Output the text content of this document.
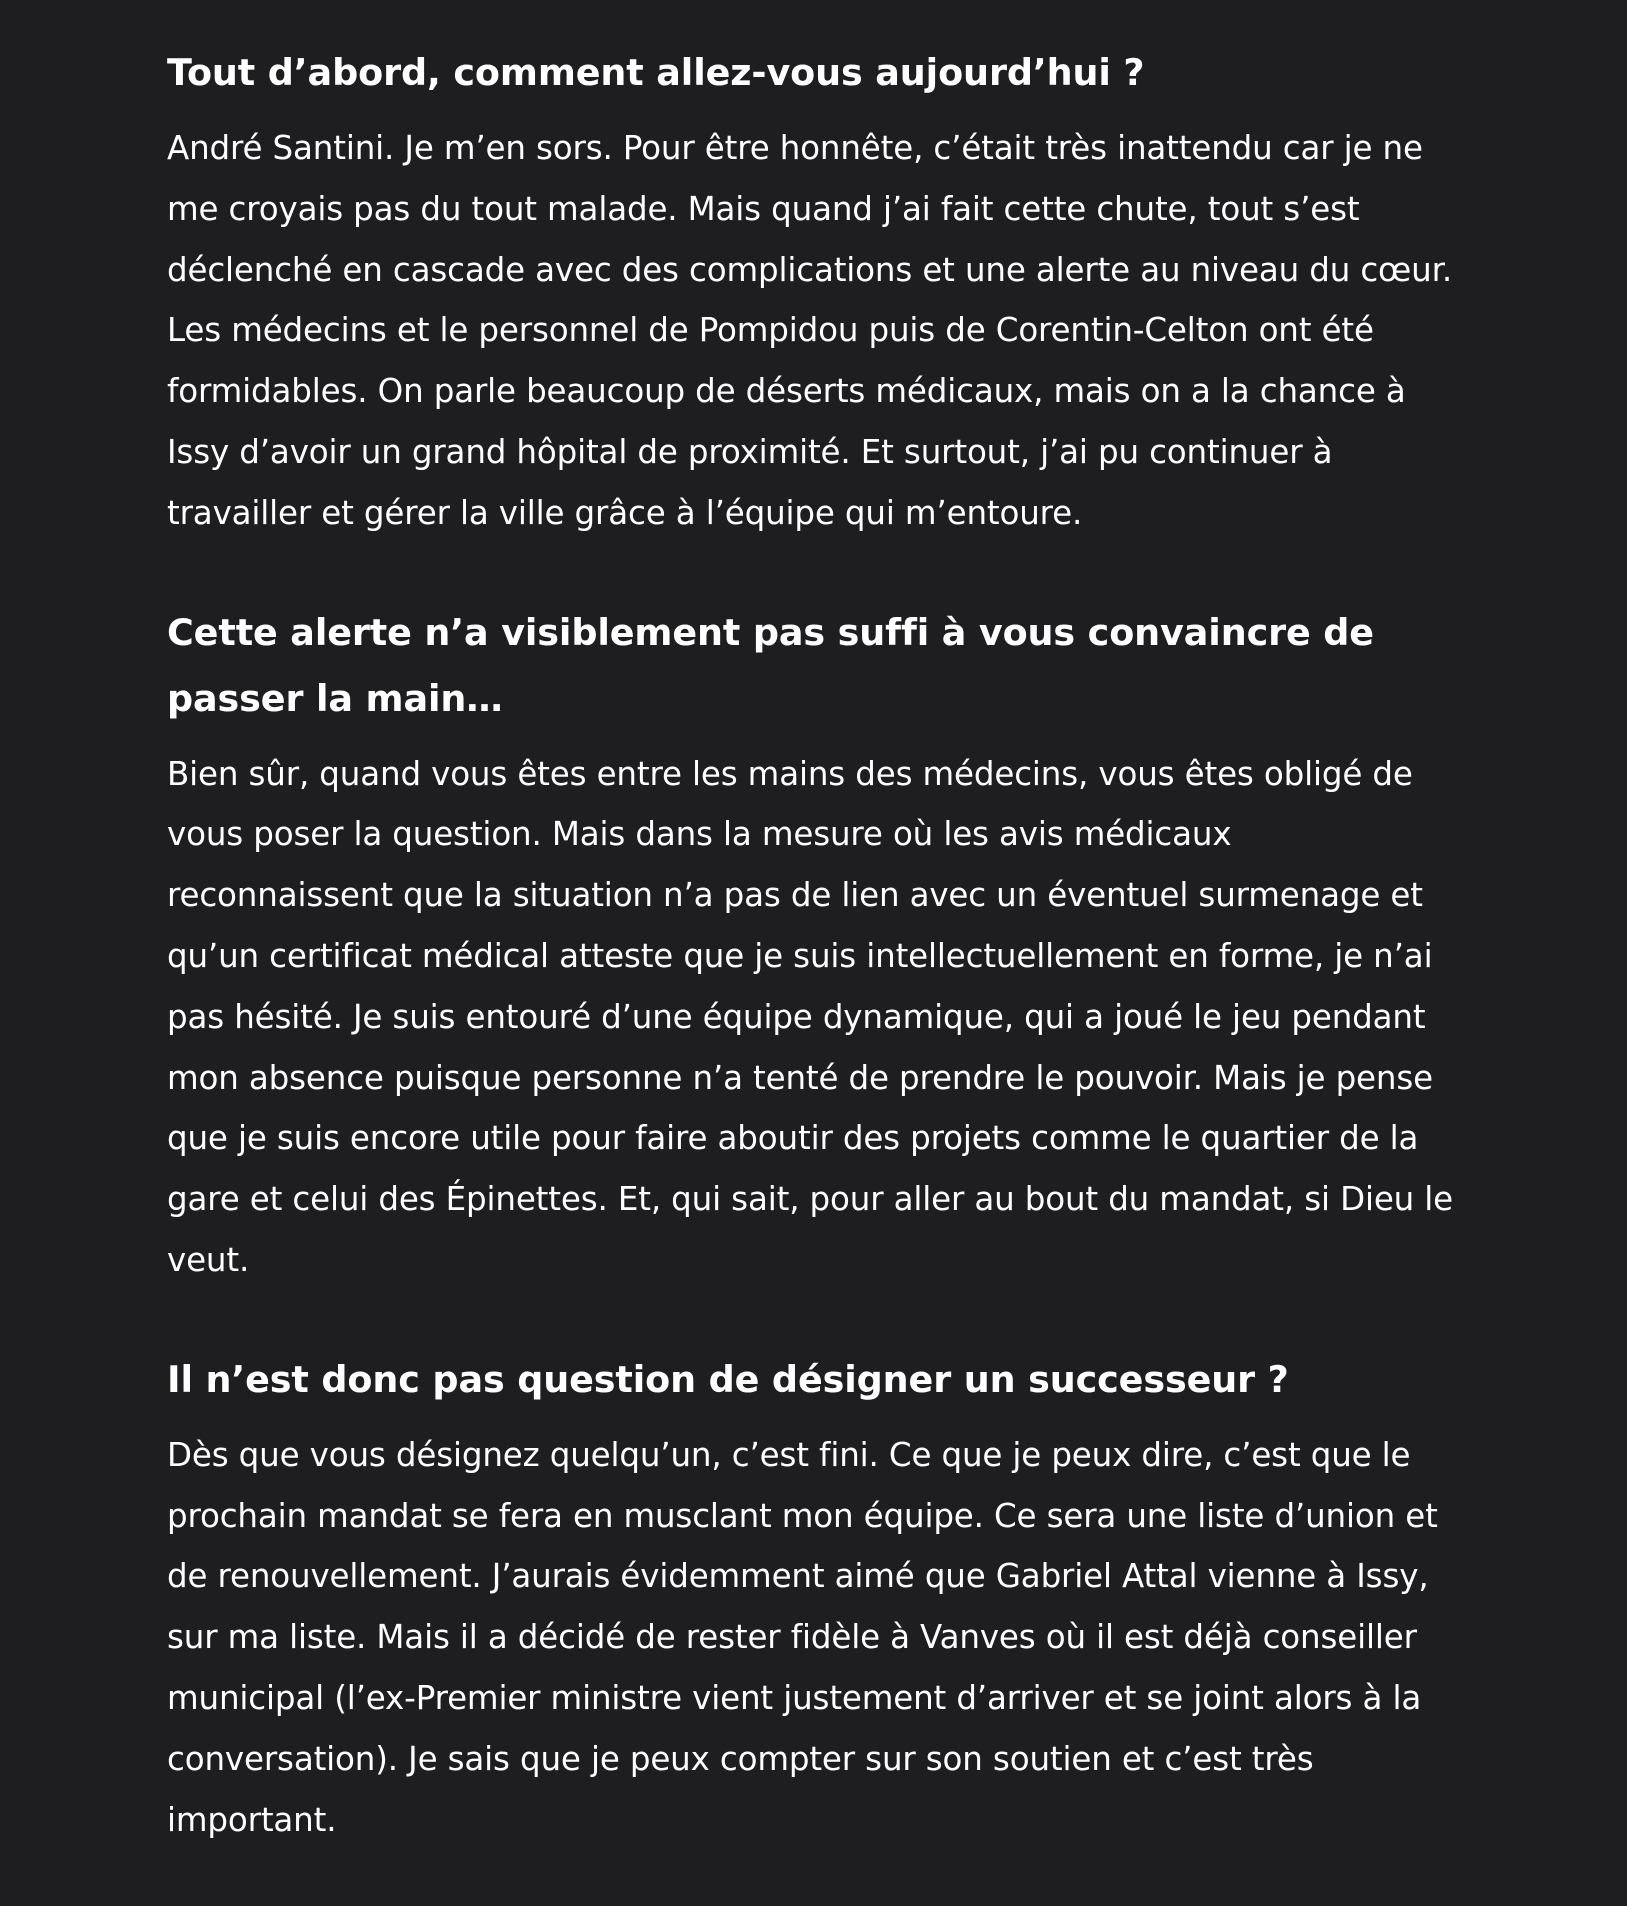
Tout d’abord, comment allez-vous aujourd’hui ?

André Santini. Je m’en sors. Pour être honnête, c’était très inattendu car je ne me croyais pas du tout malade. Mais quand j’ai fait cette chute, tout s’est déclenché en cascade avec des complications et une alerte au niveau du cœur. Les médecins et le personnel de Pompidou puis de Corentin-Celton ont été formidables. On parle beaucoup de déserts médicaux, mais on a la chance à Issy d’avoir un grand hôpital de proximité. Et surtout, j’ai pu continuer à travailler et gérer la ville grâce à l’équipe qui m’entoure.

Cette alerte n’a visiblement pas suffi à vous convaincre de passer la main…

Bien sûr, quand vous êtes entre les mains des médecins, vous êtes obligé de vous poser la question. Mais dans la mesure où les avis médicaux reconnaissent que la situation n’a pas de lien avec un éventuel surmenage et qu’un certificat médical atteste que je suis intellectuellement en forme, je n’ai pas hésité. Je suis entouré d’une équipe dynamique, qui a joué le jeu pendant mon absence puisque personne n’a tenté de prendre le pouvoir. Mais je pense que je suis encore utile pour faire aboutir des projets comme le quartier de la gare et celui des Épinettes. Et, qui sait, pour aller au bout du mandat, si Dieu le veut.

Il n’est donc pas question de désigner un successeur ?

Dès que vous désignez quelqu’un, c’est fini. Ce que je peux dire, c’est que le prochain mandat se fera en musclant mon équipe. Ce sera une liste d’union et de renouvellement. J’aurais évidemment aimé que Gabriel Attal vienne à Issy, sur ma liste. Mais il a décidé de rester fidèle à Vanves où il est déjà conseiller municipal (l’ex-Premier ministre vient justement d’arriver et se joint alors à la conversation). Je sais que je peux compter sur son soutien et c’est très important.
